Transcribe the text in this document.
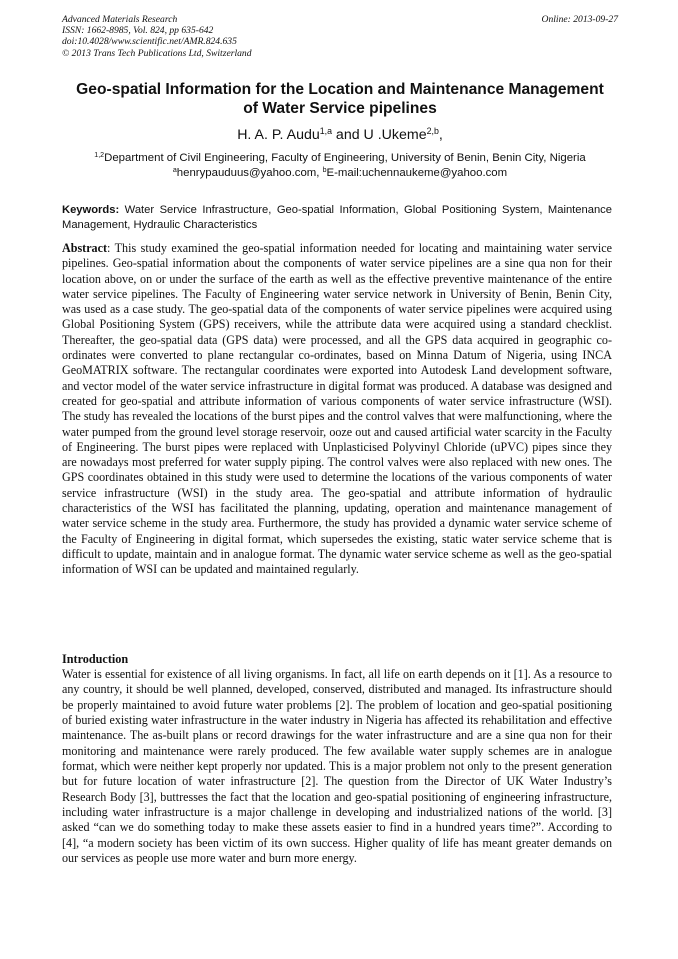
Advanced Materials Research
ISSN: 1662-8985, Vol. 824, pp 635-642
doi:10.4028/www.scientific.net/AMR.824.635
© 2013 Trans Tech Publications Ltd, Switzerland
Online: 2013-09-27
Geo-spatial Information for the Location and Maintenance Management
of Water Service pipelines
H. A. P. Audu$^{1,a}$ and U .Ukeme$^{2,b}$,
$^{1,2}$Department of Civil Engineering, Faculty of Engineering, University of Benin, Benin City, Nigeria
$^a$henrypauduus@yahoo.com, $^b$E-mail:uchennaukeme@yahoo.com

Keywords: Water Service Infrastructure, Geo-spatial Information, Global Positioning System, Maintenance Management, Hydraulic Characteristics

Abstract: This study examined the geo-spatial information needed for locating and maintaining water service pipelines. Geo-spatial information about the components of water service pipelines are a sine qua non for their location above, on or under the surface of the earth as well as the effective preventive maintenance of the entire water service pipelines. The Faculty of Engineering water service network in University of Benin, Benin City, was used as a case study. The geo-spatial data of the components of water service pipelines were acquired using Global Positioning System (GPS) receivers, while the attribute data were acquired using a standard checklist. Thereafter, the geo-spatial data (GPS data) were processed, and all the GPS data acquired in geographic co-ordinates were converted to plane rectangular co-ordinates, based on Minna Datum of Nigeria, using INCA GeoMATRIX software. The rectangular coordinates were exported into Autodesk Land development software, and vector model of the water service infrastructure in digital format was produced. A database was designed and created for geo-spatial and attribute information of various components of water service infrastructure (WSI). The study has revealed the locations of the burst pipes and the control valves that were malfunctioning, where the water pumped from the ground level storage reservoir, ooze out and caused artificial water scarcity in the Faculty of Engineering. The burst pipes were replaced with Unplasticised Polyvinyl Chloride (uPVC) pipes since they are nowadays most preferred for water supply piping. The control valves were also replaced with new ones. The GPS coordinates obtained in this study were used to determine the locations of the various components of water service infrastructure (WSI) in the study area. The geo-spatial and attribute information of hydraulic characteristics of the WSI has facilitated the planning, updating, operation and maintenance management of water service scheme in the study area. Furthermore, the study has provided a dynamic water service scheme of the Faculty of Engineering in digital format, which supersedes the existing, static water service scheme that is difficult to update, maintain and in analogue format. The dynamic water service scheme as well as the geo-spatial information of WSI can be updated and maintained regularly.

Introduction

Water is essential for existence of all living organisms. In fact, all life on earth depends on it [1]. As a resource to any country, it should be well planned, developed, conserved, distributed and managed. Its infrastructure should be properly maintained to avoid future water problems [2]. The problem of location and geo-spatial positioning of buried existing water infrastructure in the water industry in Nigeria has affected its rehabilitation and effective maintenance. The as-built plans or record drawings for the water infrastructure and are a sine qua non for their monitoring and maintenance were rarely produced. The few available water supply schemes are in analogue format, which were neither kept properly nor updated. This is a major problem not only to the present generation but for future location of water infrastructure [2]. The question from the Director of UK Water Industry’s Research Body [3], buttresses the fact that the location and geo-spatial positioning of engineering infrastructure, including water infrastructure is a major challenge in developing and industrialized nations of the world. [3] asked “can we do something today to make these assets easier to find in a hundred years time?”. According to [4], “a modern society has been victim of its own success. Higher quality of life has meant greater demands on our services as people use more water and burn more energy.
